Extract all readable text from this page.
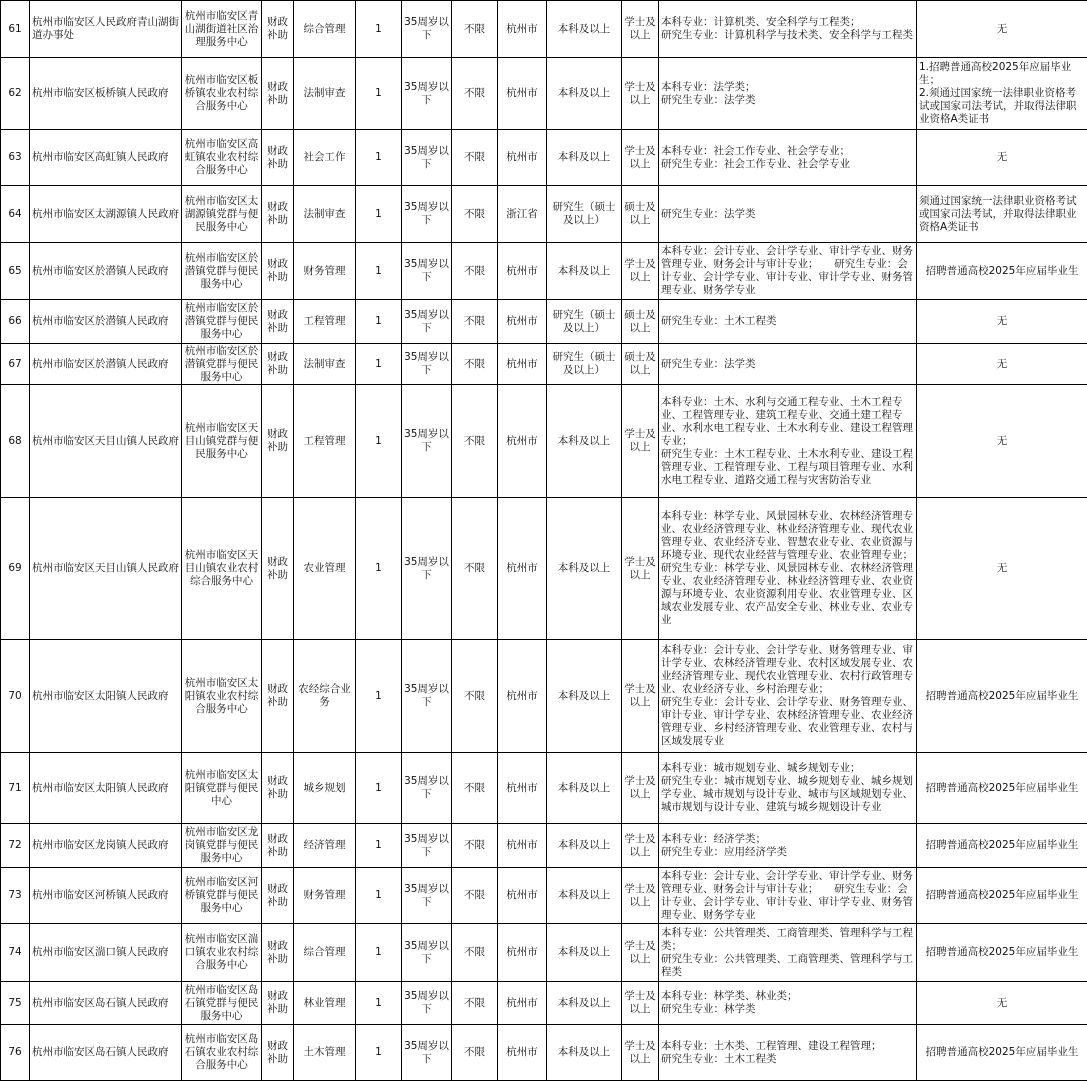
61	杭州市临安区人民政府青山湖街道办事处	杭州市临安区青山湖街道社区治理服务中心	财政补助	综合管理	1	35周岁以下	不限	杭州市	本科及以上	学士及以上	本科专业：计算机类、安全科学与工程类；
研究生专业：计算机科学与技术类、安全科学与工程类	无

62	杭州市临安区板桥镇人民政府	杭州市临安区板桥镇农业农村综合服务中心	财政补助	法制审查	1	35周岁以下	不限	杭州市	本科及以上	学士及以上	本科专业：法学类；
研究生专业：法学类	1.招聘普通高校2025年应届毕业生；
2.须通过国家统一法律职业资格考试或国家司法考试，并取得法律职业资格A类证书

63	杭州市临安区高虹镇人民政府	杭州市临安区高虹镇农业农村综合服务中心	财政补助	社会工作	1	35周岁以下	不限	杭州市	本科及以上	学士及以上	本科专业：社会工作专业、社会学专业；
研究生专业：社会工作专业、社会学专业	无

64	杭州市临安区太湖源镇人民政府	杭州市临安区太湖源镇党群与便民服务中心	财政补助	法制审查	1	35周岁以下	不限	浙江省	研究生（硕士及以上）	硕士及以上	研究生专业：法学类	须通过国家统一法律职业资格考试或国家司法考试，并取得法律职业资格A类证书

65	杭州市临安区於潜镇人民政府	杭州市临安区於潜镇党群与便民服务中心	财政补助	财务管理	1	35周岁以下	不限	杭州市	本科及以上	学士及以上	本科专业：会计专业、会计学专业、审计学专业、财务管理专业、财务会计与审计专业；　　研究生专业：会计专业、会计学专业、审计专业、审计学专业、财务管理专业、财务学专业	招聘普通高校2025年应届毕业生

66	杭州市临安区於潜镇人民政府	杭州市临安区於潜镇党群与便民服务中心	财政补助	工程管理	1	35周岁以下	不限	杭州市	研究生（硕士及以上）	硕士及以上	研究生专业：土木工程类	无

67	杭州市临安区於潜镇人民政府	杭州市临安区於潜镇党群与便民服务中心	财政补助	法制审查	1	35周岁以下	不限	杭州市	研究生（硕士及以上）	硕士及以上	研究生专业：法学类	无

68	杭州市临安区天目山镇人民政府	杭州市临安区天目山镇党群与便民服务中心	财政补助	工程管理	1	35周岁以下	不限	杭州市	本科及以上	学士及以上	本科专业：土木、水利与交通工程专业、土木工程专业、工程管理专业、建筑工程专业、交通土建工程专业、水利水电工程专业、土木水利专业、建设工程管理专业；
研究生专业：土木工程专业、土木水利专业、建设工程管理专业、工程管理专业、工程与项目管理专业、水利水电工程专业、道路交通工程与灾害防治专业	无

69	杭州市临安区天目山镇人民政府	杭州市临安区天目山镇农业农村综合服务中心	财政补助	农业管理	1	35周岁以下	不限	杭州市	本科及以上	学士及以上	本科专业：林学专业、风景园林专业、农林经济管理专业、农业经济管理专业、林业经济管理专业、现代农业管理专业、农业经济专业、智慧农业专业、农业资源与环境专业、现代农业经营与管理专业、农业管理专业；
研究生专业：林学专业、风景园林专业、农林经济管理专业、农业经济管理专业、林业经济管理专业、农业资源与环境专业、农业资源利用专业、农业管理专业、区域农业发展专业、农产品安全专业、林业专业、农业专业	无

70	杭州市临安区太阳镇人民政府	杭州市临安区太阳镇农业农村综合服务中心	财政补助	农经综合业务	1	35周岁以下	不限	杭州市	本科及以上	学士及以上	本科专业：会计专业、会计学专业、财务管理专业、审计学专业、农林经济管理专业、农村区域发展专业、农业经济管理专业、现代农业管理专业、农村行政管理专业、农业经济专业、乡村治理专业；
研究生专业：会计专业、会计学专业、财务管理专业、审计专业、审计学专业、农林经济管理专业、农业经济管理专业、乡村经济管理专业、农业管理专业、农村与区域发展专业	招聘普通高校2025年应届毕业生

71	杭州市临安区太阳镇人民政府	杭州市临安区太阳镇党群与便民中心	财政补助	城乡规划	1	35周岁以下	不限	杭州市	本科及以上	学士及以上	本科专业：城市规划专业、城乡规划专业；
研究生专业：城市规划专业、城乡规划专业、城乡规划学专业、城市规划与设计专业、城市与区域规划专业、城市规划与设计专业、建筑与城乡规划设计专业	招聘普通高校2025年应届毕业生

72	杭州市临安区龙岗镇人民政府	杭州市临安区龙岗镇党群与便民服务中心	财政补助	经济管理	1	35周岁以下	不限	杭州市	本科及以上	学士及以上	本科专业：经济学类；
研究生专业：应用经济学类	招聘普通高校2025年应届毕业生

73	杭州市临安区河桥镇人民政府	杭州市临安区河桥镇党群与便民服务中心	财政补助	财务管理	1	35周岁以下	不限	杭州市	本科及以上	学士及以上	本科专业：会计专业、会计学专业、审计学专业、财务管理专业、财务会计与审计专业；　　研究生专业：会计专业、会计学专业、审计专业、审计学专业、财务管理专业、财务学专业	招聘普通高校2025年应届毕业生

74	杭州市临安区湍口镇人民政府	杭州市临安区湍口镇农业农村综合服务中心	财政补助	综合管理	1	35周岁以下	不限	杭州市	本科及以上	学士及以上	本科专业：公共管理类、工商管理类、管理科学与工程类；
研究生专业：公共管理类、工商管理类、管理科学与工程类	招聘普通高校2025年应届毕业生

75	杭州市临安区岛石镇人民政府	杭州市临安区岛石镇党群与便民服务中心	财政补助	林业管理	1	35周岁以下	不限	杭州市	本科及以上	学士及以上	本科专业：林学类、林业类；
研究生专业：林学类	无

76	杭州市临安区岛石镇人民政府	杭州市临安区岛石镇农业农村综合服务中心	财政补助	土木管理	1	35周岁以下	不限	杭州市	本科及以上	学士及以上	本科专业：土木类、工程管理、建设工程管理；
研究生专业：土木工程类	招聘普通高校2025年应届毕业生
